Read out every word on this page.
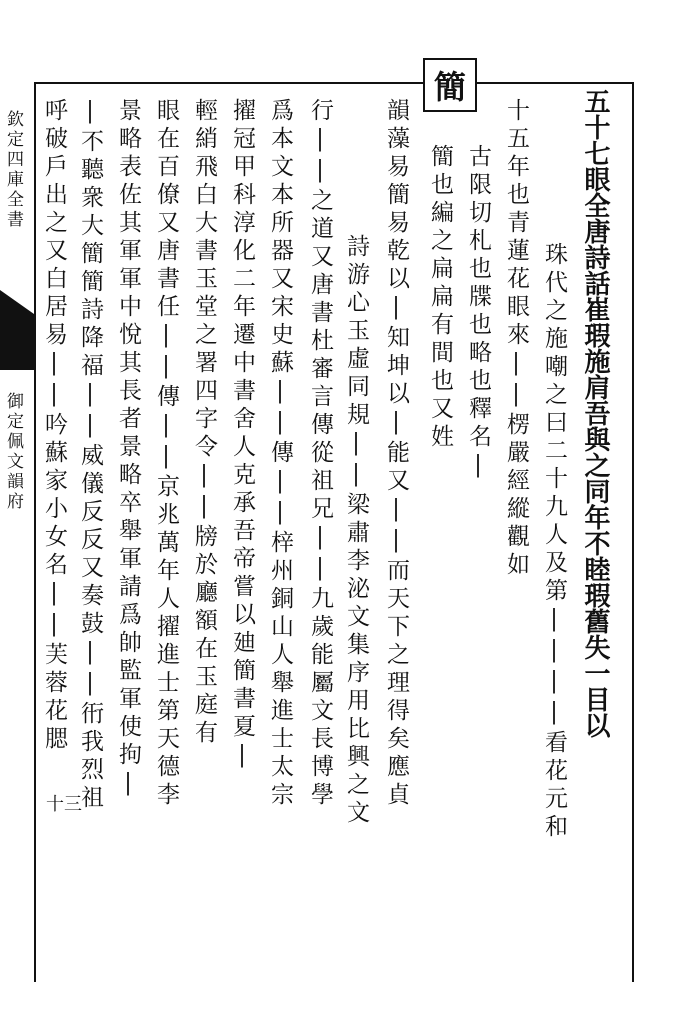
欽定四庫全書
御定佩文韻府
十三
五十七眼全唐詩話崔瑕施肩吾與之同年不睦瑕舊失一目以
珠代之施嘲之曰二十九人及第||||看花元和
十五年也青蓮花眼來||楞嚴經縱觀如
古限切札也牒也略也釋名|
簡也編之扁扁有間也又姓
韻藻易簡易乾以|知坤以|能又||而天下之理得矣應貞
詩游心玉虛同規||梁肅李泌文集序用比興之文
行||之道又唐書杜審言傳從祖兄||九歲能屬文長博學
爲本文本所器又宋史蘇||傳||梓州銅山人舉進士太宗
擢冠甲科淳化二年遷中書舍人克承吾帝嘗以廸簡書夏|
輕綃飛白大書玉堂之署四字令||牓於廳額在玉庭有
眼在百僚又唐書任||傳||京兆萬年人擢進士第天德李
景略表佐其軍軍中悅其長者景略卒舉軍請爲帥監軍使拘|
|不聽衆大簡簡詩降福||威儀反反又奏鼓||衎我烈祖
呼破戶出之又白居易||吟蘇家小女名||芙蓉花腮
簡
